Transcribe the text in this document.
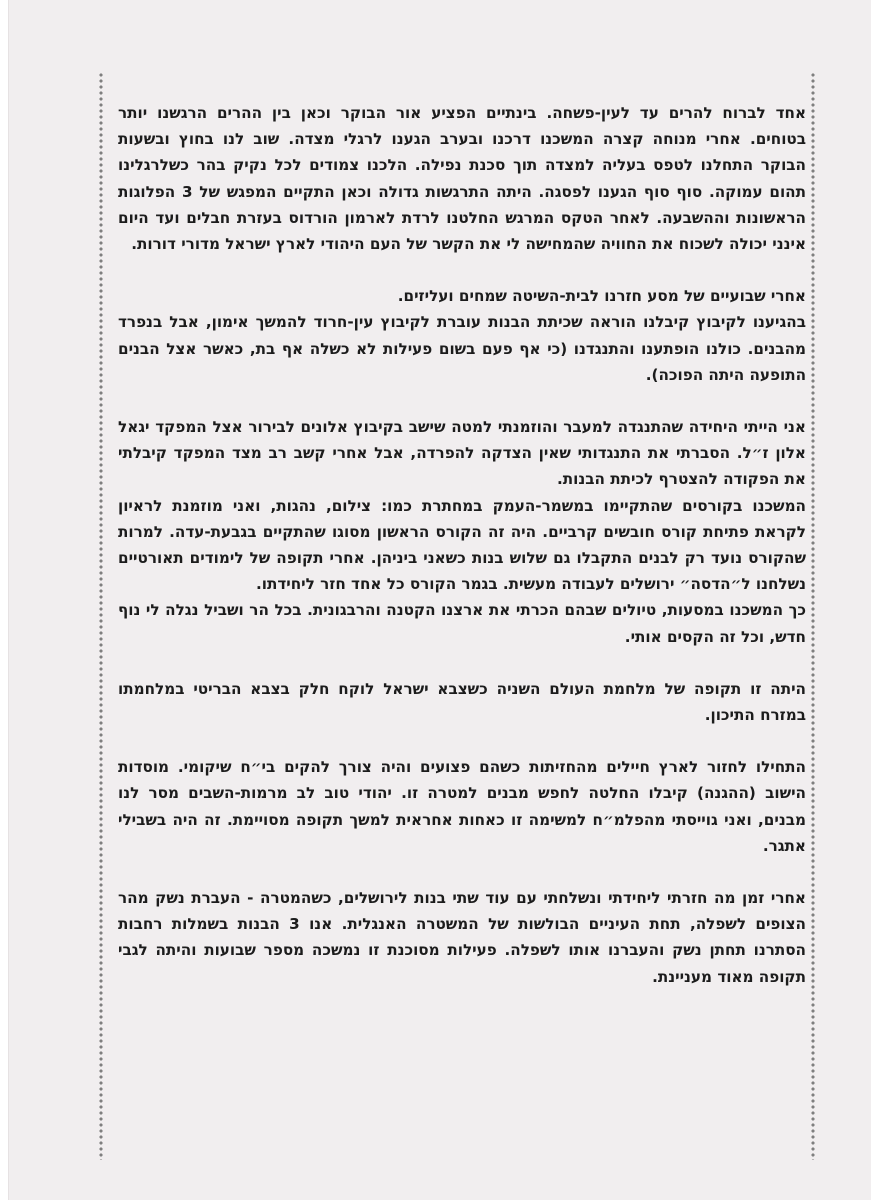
אחד לברוח להרים עד לעין-פשחה. בינתיים הפציע אור הבוקר וכאן בין ההרים הרגשנו יותר בטוחים. אחרי מנוחה קצרה המשכנו דרכנו ובערב הגענו לרגלי מצדה. שוב לנו בחוץ ובשעות הבוקר התחלנו לטפס בעליה למצדה תוך סכנת נפילה. הלכנו צמודים לכל נקיק בהר כשלרגלינו תהום עמוקה. סוף סוף הגענו לפסגה. היתה התרגשות גדולה וכאן התקיים המפגש של 3 הפלוגות הראשונות וההשבעה. לאחר הטקס המרגש החלטנו לרדת לארמון הורדוס בעזרת חבלים ועד היום אינני יכולה לשכוח את החוויה שהמחישה לי את הקשר של העם היהודי לארץ ישראל מדורי דורות.

אחרי שבועיים של מסע חזרנו לבית-השיטה שמחים ועליזים.

בהגיענו לקיבוץ קיבלנו הוראה שכיתת הבנות עוברת לקיבוץ עין-חרוד להמשך אימון, אבל בנפרד מהבנים. כולנו הופתענו והתנגדנו (כי אף פעם בשום פעילות לא כשלה אף בת, כאשר אצל הבנים התופעה היתה הפוכה).

אני הייתי היחידה שהתנגדה למעבר והוזמנתי למטה שישב בקיבוץ אלונים לבירור אצל המפקד יגאל אלון ז״ל. הסברתי את התנגדותי שאין הצדקה להפרדה, אבל אחרי קשב רב מצד המפקד קיבלתי את הפקודה להצטרף לכיתת הבנות.

המשכנו בקורסים שהתקיימו במשמר-העמק במחתרת כמו: צילום, נהגות, ואני מוזמנת לראיון לקראת פתיחת קורס חובשים קרביים. היה זה הקורס הראשון מסוגו שהתקיים בגבעת-עדה. למרות שהקורס נועד רק לבנים התקבלו גם שלוש בנות כשאני ביניהן. אחרי תקופה של לימודים תאורטיים נשלחנו ל״הדסה״ ירושלים לעבודה מעשית. בגמר הקורס כל אחד חזר ליחידתו.

כך המשכנו במסעות, טיולים שבהם הכרתי את ארצנו הקטנה והרבגונית. בכל הר ושביל נגלה לי נוף חדש, וכל זה הקסים אותי.

היתה זו תקופה של מלחמת העולם השניה כשצבא ישראל לוקח חלק בצבא הבריטי במלחמתו במזרח התיכון.

התחילו לחזור לארץ חיילים מהחזיתות כשהם פצועים והיה צורך להקים בי״ח שיקומי. מוסדות הישוב (ההגנה) קיבלו החלטה לחפש מבנים למטרה זו. יהודי טוב לב מרמות-השבים מסר לנו מבנים, ואני גוייסתי מהפלמ״ח למשימה זו כאחות אחראית למשך תקופה מסויימת. זה היה בשבילי אתגר.

אחרי זמן מה חזרתי ליחידתי ונשלחתי עם עוד שתי בנות לירושלים, כשהמטרה - העברת נשק מהר הצופים לשפלה, תחת העיניים הבולשות של המשטרה האנגלית. אנו 3 הבנות בשמלות רחבות הסתרנו תחתן נשק והעברנו אותו לשפלה. פעילות מסוכנת זו נמשכה מספר שבועות והיתה לגבי תקופה מאוד מעניינת.
